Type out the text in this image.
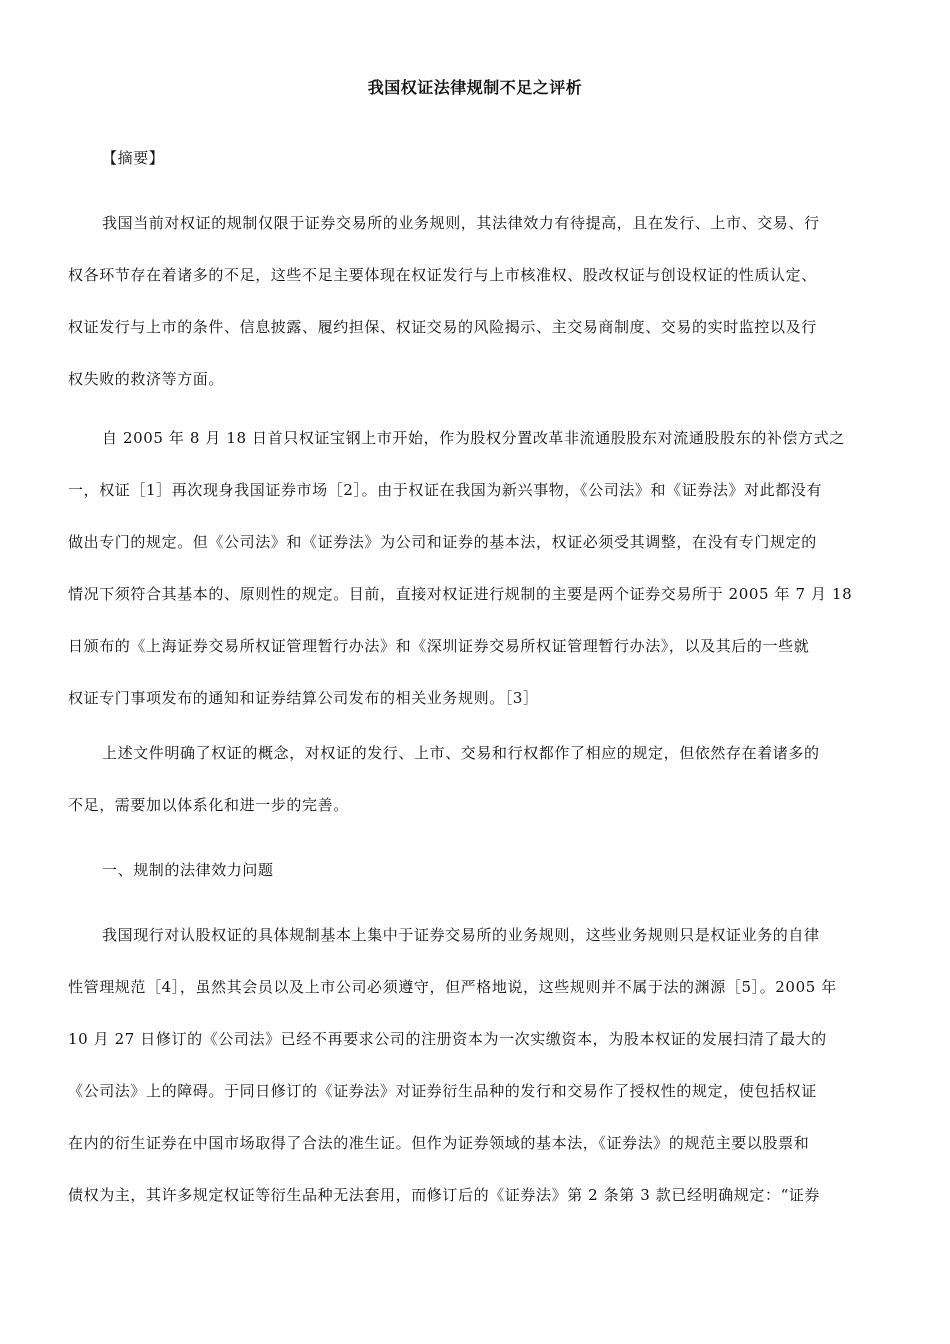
我国权证法律规制不足之评析
【摘要】
我国当前对权证的规制仅限于证券交易所的业务规则，其法律效力有待提高，且在发行、上市、交易、行
权各环节存在着诸多的不足，这些不足主要体现在权证发行与上市核准权、股改权证与创设权证的性质认定、
权证发行与上市的条件、信息披露、履约担保、权证交易的风险揭示、主交易商制度、交易的实时监控以及行
权失败的救济等方面。
自 2005 年 8 月 18 日首只权证宝钢上市开始，作为股权分置改革非流通股股东对流通股股东的补偿方式之
一，权证［1］再次现身我国证券市场［2］。由于权证在我国为新兴事物，《公司法》和《证券法》对此都没有
做出专门的规定。但《公司法》和《证券法》为公司和证券的基本法，权证必须受其调整，在没有专门规定的
情况下须符合其基本的、原则性的规定。目前，直接对权证进行规制的主要是两个证券交易所于 2005 年 7 月 18
日颁布的《上海证券交易所权证管理暂行办法》和《深圳证券交易所权证管理暂行办法》，以及其后的一些就
权证专门事项发布的通知和证券结算公司发布的相关业务规则。［3］
上述文件明确了权证的概念，对权证的发行、上市、交易和行权都作了相应的规定，但依然存在着诸多的
不足，需要加以体系化和进一步的完善。
一、规制的法律效力问题
我国现行对认股权证的具体规制基本上集中于证券交易所的业务规则，这些业务规则只是权证业务的自律
性管理规范［4］，虽然其会员以及上市公司必须遵守，但严格地说，这些规则并不属于法的渊源［5］。2005 年
10 月 27 日修订的《公司法》已经不再要求公司的注册资本为一次实缴资本，为股本权证的发展扫清了最大的
《公司法》上的障碍。于同日修订的《证券法》对证券衍生品种的发行和交易作了授权性的规定，使包括权证
在内的衍生证券在中国市场取得了合法的准生证。但作为证券领域的基本法，《证券法》的规范主要以股票和
债权为主，其许多规定权证等衍生品种无法套用，而修订后的《证券法》第 2 条第 3 款已经明确规定：“证券
